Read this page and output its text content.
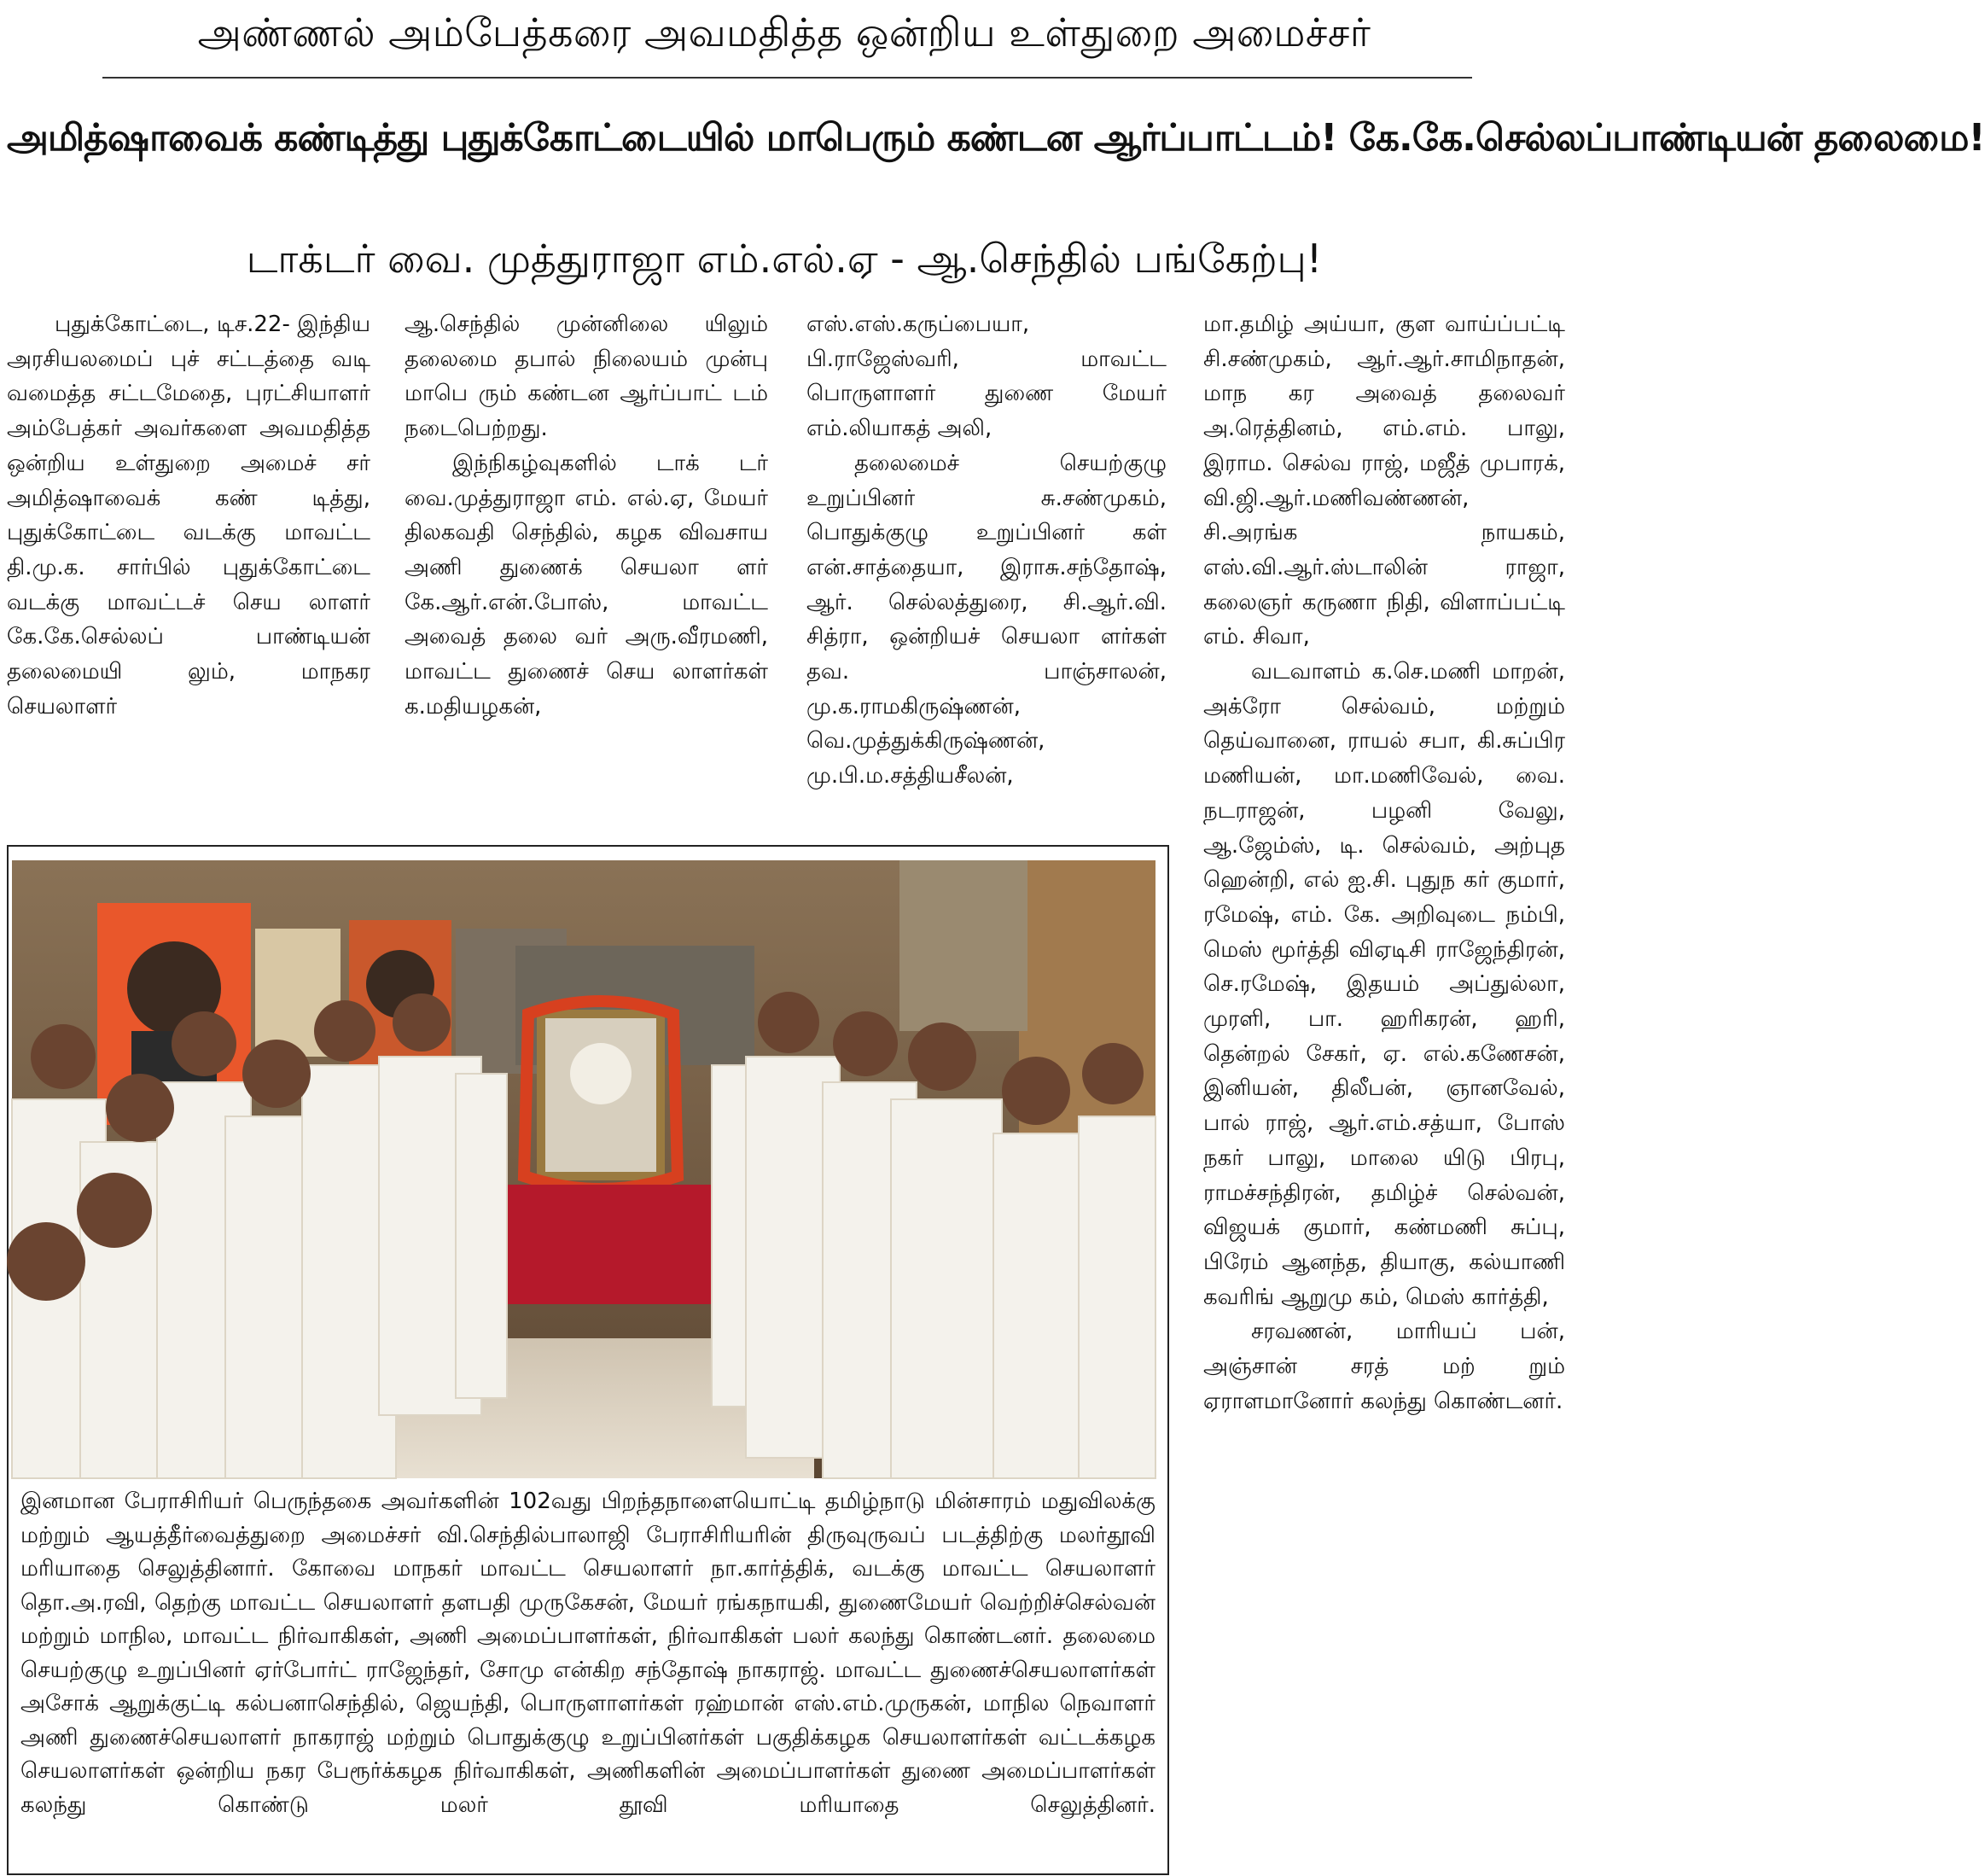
அண்ணல் அம்பேத்கரை அவமதித்த ஒன்றிய உள்துறை அமைச்சர்
அமித்ஷாவைக் கண்டித்து புதுக்கோட்டையில் மாபெரும் கண்டன ஆர்ப்பாட்டம்! கே.கே.செல்லப்பாண்டியன் தலைமை!
டாக்டர் வை. முத்துராஜா எம்.எல்.ஏ - ஆ.செந்தில் பங்கேற்பு!

புதுக்கோட்டை, டிச.22- இந்திய அரசியலமைப் புச் சட்டத்தை வடி வமைத்த சட்டமேதை, புரட்சியாளர் அம்பேத்கர் அவர்களை அவமதித்த ஒன்றிய உள்துறை அமைச் சர் அமித்ஷாவைக் கண் டித்து, புதுக்கோட்டை வடக்கு மாவட்ட தி.மு.க. சார்பில் புதுக்கோட்டை வடக்கு மாவட்டச் செய லாளர் கே.கே.செல்லப் பாண்டியன் தலைமையி லும், மாநகர செயலாளர்

ஆ.செந்தில் முன்னிலை யிலும் தலைமை தபால் நிலையம் முன்பு மாபெ ரும் கண்டன ஆர்ப்பாட் டம் நடைபெற்றது.

இந்நிகழ்வுகளில் டாக் டர் வை.முத்துராஜா எம். எல்.ஏ, மேயர் திலகவதி செந்தில், கழக விவசாய அணி துணைக் செயலா ளர் கே.ஆர்.என்.போஸ், மாவட்ட அவைத் தலை வர் அரு.வீரமணி, மாவட்ட துணைச் செய லாளர்கள் க.மதியழகன்,

எஸ்.எஸ்.கருப்பையா, பி.ராஜேஸ்வரி, மாவட்ட பொருளாளர் துணை மேயர் எம்.லியாகத் அலி,

தலைமைச் செயற்குழு உறுப்பினர் சு.சண்முகம், பொதுக்குழு உறுப்பினர் கள் என்.சாத்தையா, இராசு.சந்தோஷ், ஆர். செல்லத்துரை, சி.ஆர்.வி. சித்ரா, ஒன்றியச் செயலா ளர்கள் தவ. பாஞ்சாலன், மு.க.ராமகிருஷ்ணன், வெ.முத்துக்கிருஷ்ணன், மு.பி.ம.சத்தியசீலன்,

மா.தமிழ் அய்யா, குள வாய்ப்பட்டி சி.சண்முகம், ஆர்.ஆர்.சாமிநாதன், மாந கர அவைத் தலைவர் அ.ரெத்தினம், எம்.எம். பாலு, இராம. செல்வ ராஜ், மஜீத் முபாரக், வி.ஜி.ஆர்.மணிவண்ணன், சி.அரங்க நாயகம், எஸ்.வி.ஆர்.ஸ்டாலின் ராஜா, கலைஞர் கருணா நிதி, விளாப்பட்டி எம். சிவா,

வடவாளம் க.செ.மணி மாறன், அக்ரோ செல்வம், மற்றும் தெய்வானை, ராயல் சபா, கி.சுப்பிர மணியன், மா.மணிவேல், வை. நடராஜன், பழனி வேலு, ஆ.ஜேம்ஸ், டி. செல்வம், அற்புத ஹென்றி, எல் ஐ.சி. புதுந கர் குமார், ரமேஷ், எம். கே. அறிவுடை நம்பி, மெஸ் மூர்த்தி விஏடிசி ராஜேந்திரன், செ.ரமேஷ், இதயம் அப்துல்லா, முரளி, பா. ஹரிகரன், ஹரி, தென்றல் சேகர், ஏ. எல்.கணேசன், இனியன், திலீபன், ஞானவேல், பால் ராஜ், ஆர்.எம்.சத்யா, போஸ் நகர் பாலு, மாலை யிடு பிரபு, ராமச்சந்திரன், தமிழ்ச் செல்வன், விஜயக் குமார், கண்மணி சுப்பு, பிரேம் ஆனந்த, தியாகு, கல்யாணி கவரிங் ஆறுமு கம், மெஸ் கார்த்தி,

சரவணன், மாரியப் பன், அஞ்சான் சரத் மற் றும் ஏராளமானோர் கலந்து கொண்டனர்.

இனமான பேராசிரியர் பெருந்தகை அவர்களின் 102வது பிறந்தநாளையொட்டி தமிழ்நாடு மின்சாரம் மதுவிலக்கு மற்றும் ஆயத்தீர்வைத்துறை அமைச்சர் வி.செந்தில்பாலாஜி பேராசிரியரின் திருவுருவப் படத்திற்கு மலர்தூவி மரியாதை செலுத்தினார். கோவை மாநகர் மாவட்ட செயலாளர் நா.கார்த்திக், வடக்கு மாவட்ட செயலாளர் தொ.அ.ரவி, தெற்கு மாவட்ட செயலாளர் தளபதி முருகேசன், மேயர் ரங்கநாயகி, துணைமேயர் வெற்றிச்செல்வன் மற்றும் மாநில, மாவட்ட நிர்வாகிகள், அணி அமைப்பாளர்கள், நிர்வாகிகள் பலர் கலந்து கொண்டனர். தலைமை செயற்குழு உறுப்பினர் ஏர்போர்ட் ராஜேந்தர், சோமு என்கிற சந்தோஷ் நாகராஜ். மாவட்ட துணைச்செயலாளர்கள் அசோக் ஆறுக்குட்டி கல்பனாசெந்தில், ஜெயந்தி, பொருளாளர்கள் ரஹ்மான் எஸ்.எம்.முருகன், மாநில நெவாளர் அணி துணைச்செயலாளர் நாகராஜ் மற்றும் பொதுக்குழு உறுப்பினர்கள் பகுதிக்கழக செயலாளர்கள் வட்டக்கழக செயலாளர்கள் ஒன்றிய நகர பேரூர்க்கழக நிர்வாகிகள், அணிகளின் அமைப்பாளர்கள் துணை அமைப்பாளர்கள் கலந்து கொண்டு மலர் தூவி மரியாதை செலுத்தினர்.
